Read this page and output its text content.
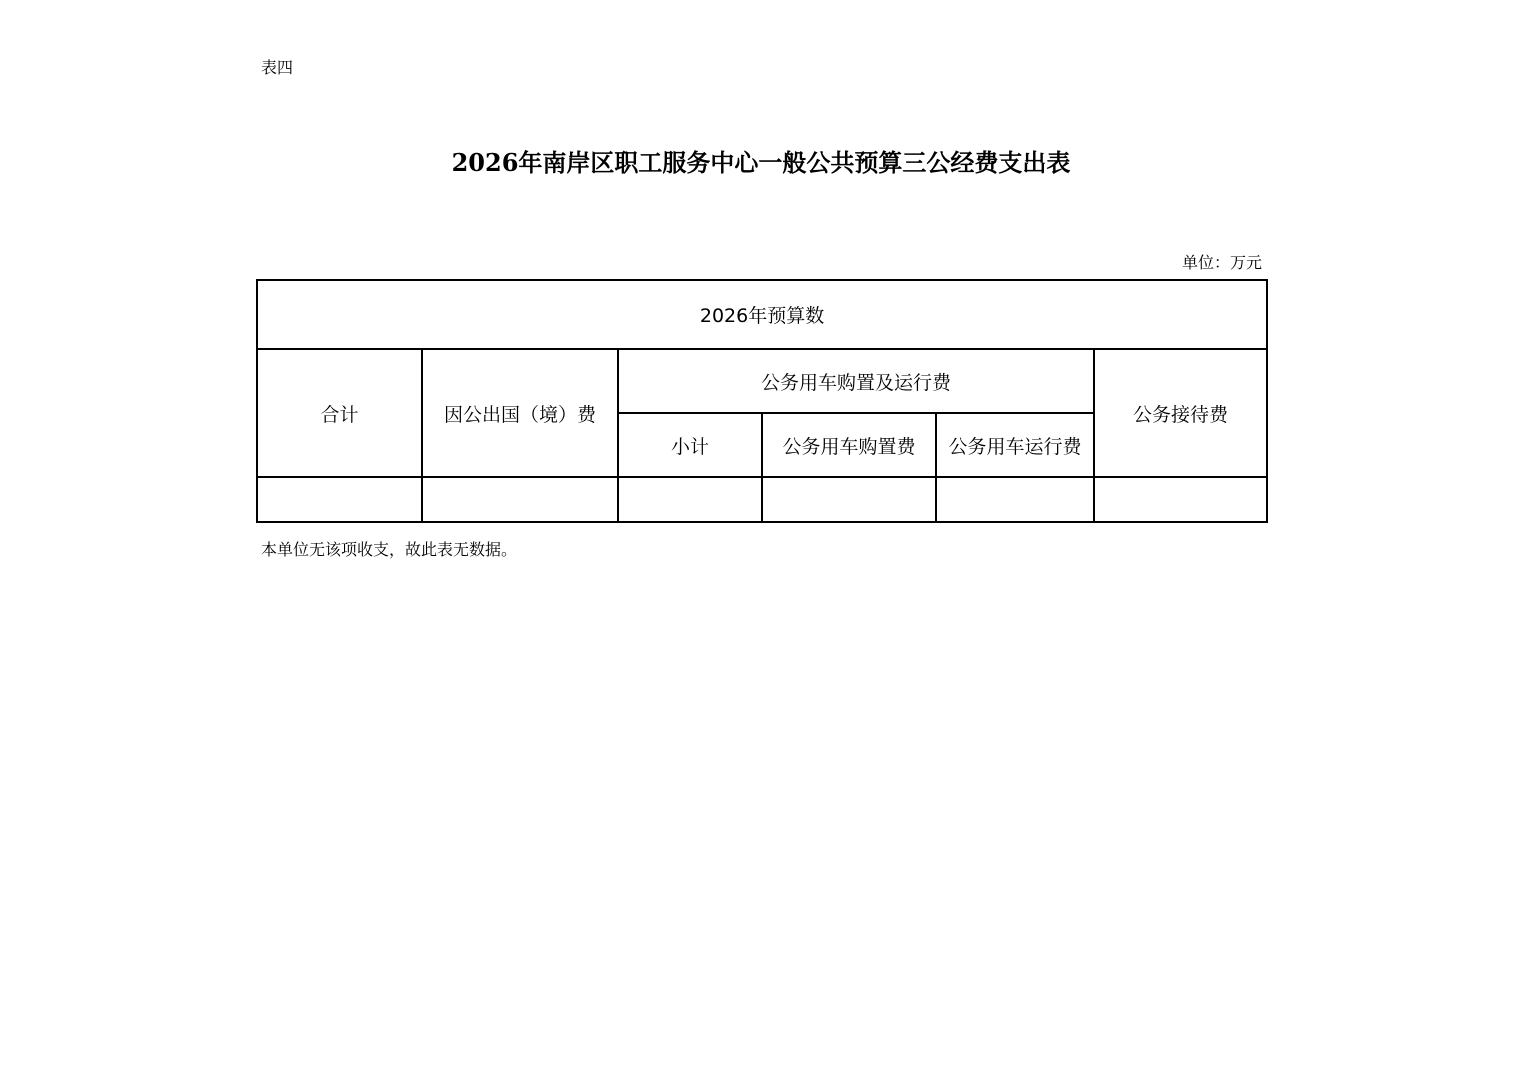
表四
2026年南岸区职工服务中心一般公共预算三公经费支出表
单位：万元
2026年预算数					
合计	因公出国（境）费	公务用车购置及运行费			公务接待费
		小计	公务用车购置费	公务用车运行费	

本单位无该项收支，故此表无数据。
